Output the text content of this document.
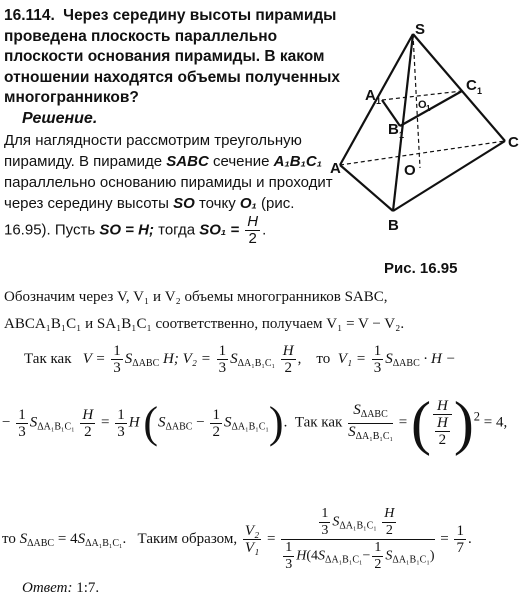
16.114. Через середину высоты пирамиды проведена плоскость параллельно плоскости основания пирамиды. В каком отношении находятся объемы полученных многогранников?
Решение.
Для наглядности рассмотрим треугольную пирамиду. В пирамиде SABC сечение A₁B₁C₁ параллельно основанию пирамиды и проходит через середину высоты SO точку O₁ (рис. 16.95). Пусть SO = H; тогда $SO_1 = \frac{H}{2}$ .
S
A 1
C 1
O 1
B 1	C
A	O
B
Рис. 16.95
Обозначим через V, V₁ и V₂ объемы многогранников SABC,
ABCA₁B₁C₁ и SA₁B₁C₁ соответственно, получаем V₁ = V − V₂.
Так как $V = \frac{1}{3} S_{\Delta ABC}$ H; $V_2 = \frac{1}{3} S_{\Delta A_1B_1C_1} \frac{H}{2}$ ,    то $V_1 = \frac{1}{3} S_{\Delta ABC} \cdot H$ −
− $\frac{1}{3} S_{\Delta A_1B_1C_1} \frac{H}{2} = \frac{1}{3}$ H $(S_{\Delta ABC} - \frac{1}{2} S_{\Delta A_1B_1C_1})$.  Так как $\frac{S_{\Delta ABC}}{S_{\Delta A_1B_1C_1}}$ = ( $\frac{H}{\frac{H}{2}} )^2 = 4$,
то $S_{\Delta ABC} = 4S_{\Delta A_1B_1C_1}$.   Таким образом, $\frac{\text{V₂}}{\text{V₁}} = \frac{\frac{1}{3} S_{\Delta A_1B_1C_1} \frac{H}{2}}{\frac{1}{3} H(4S_{\Delta A_1B_1C_1}- \frac{1}{2} S_{\Delta A_1B_1C_1})} = \frac{1}{7}$ .
Ответ: 1:7.
